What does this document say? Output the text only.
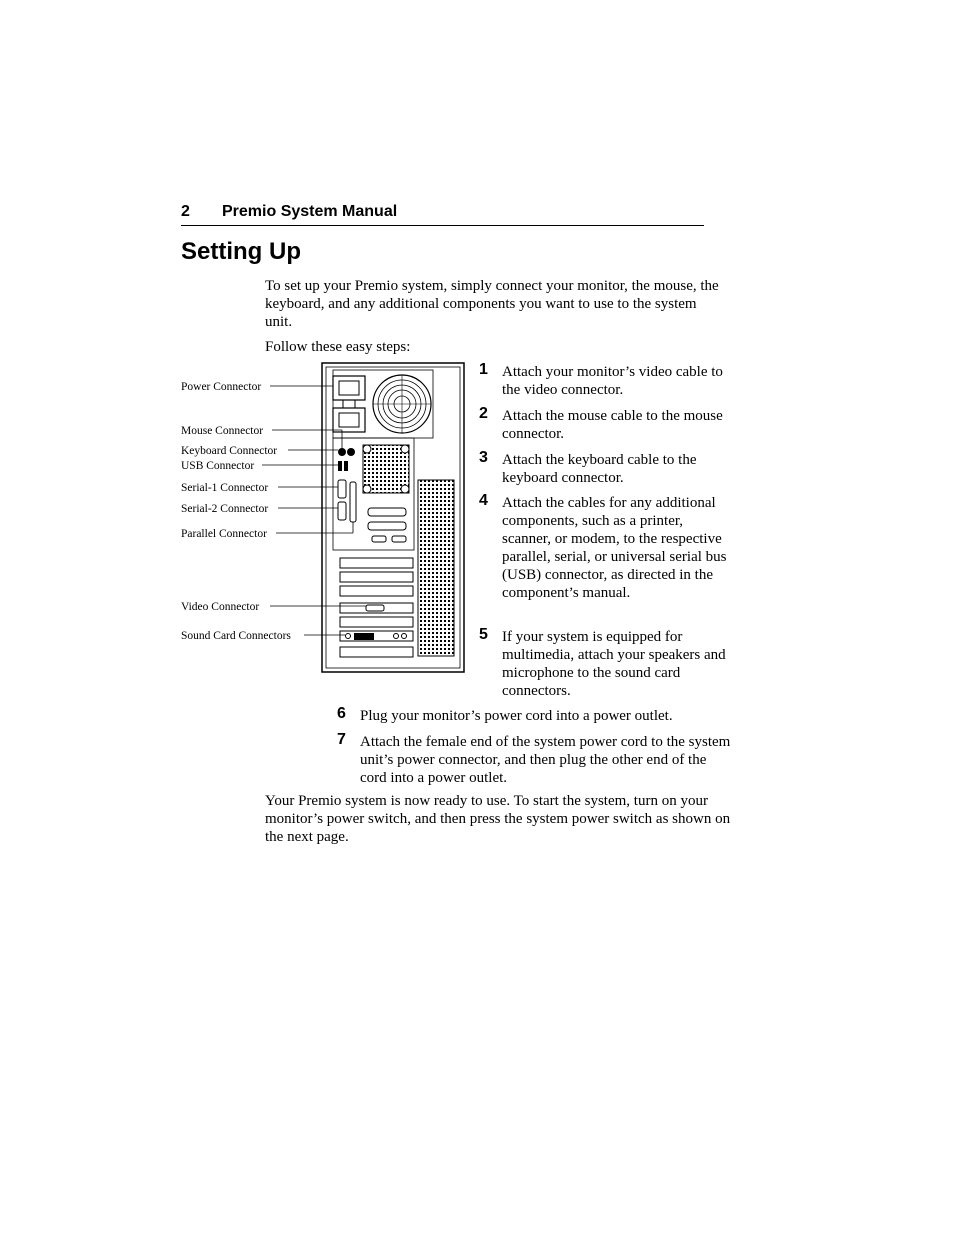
2 Premio System Manual
Setting Up

To set up your Premio system, simply connect your monitor, the mouse, the keyboard, and any additional components you want to use to the system unit.

Follow these easy steps:

Power Connector
Mouse Connector
Keyboard Connector
USB Connector
Serial-1 Connector
Serial-2 Connector
Parallel Connector
Video Connector
Sound Card Connectors
1 Attach your monitor’s video cable to the video connector.
2 Attach the mouse cable to the mouse connector.
3 Attach the keyboard cable to the keyboard connector.
4 Attach the cables for any additional components, such as a printer, scanner, or modem, to the respective parallel, serial, or universal serial bus (USB) connector, as directed in the component’s manual.
5 If your system is equipped for multimedia, attach your speakers and microphone to the sound card connectors.
6 Plug your monitor’s power cord into a power outlet.
7 Attach the female end of the system power cord to the system unit’s power connector, and then plug the other end of the cord into a power outlet.

Your Premio system is now ready to use. To start the system, turn on your monitor’s power switch, and then press the system power switch as shown on the next page.
